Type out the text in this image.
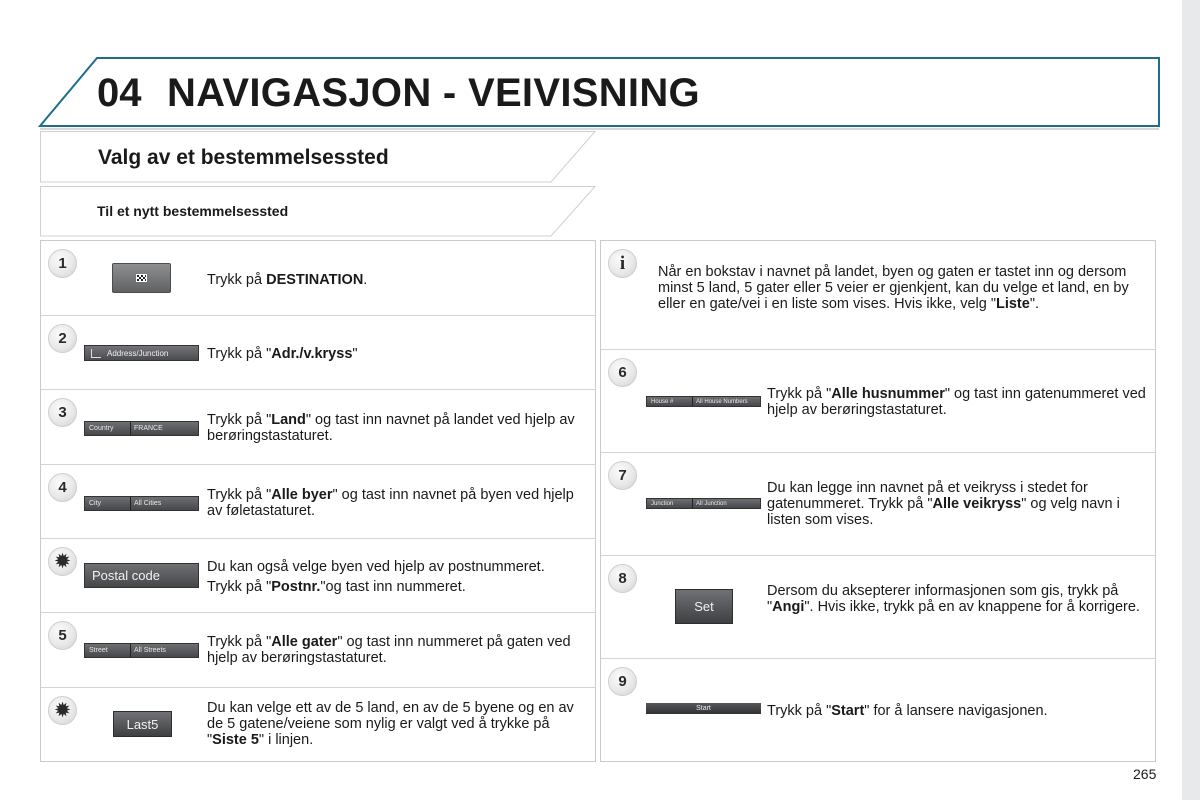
04 NAVIGASJON - VEIVISNING
Valg av et bestemmelsessted
Til et nytt bestemmelsessted
1
Trykk på DESTINATION.
2
Address/Junction	Trykk på "Adr./v.kryss"
3
Country	FRANCE
Trykk på "Land" og tast inn navnet på landet ved hjelp av berøringstastaturet.
4
City	All Cities
Trykk på "Alle byer" og tast inn navnet på byen ved hjelp av føletastaturet.
✹
Postal code
Du kan også velge byen ved hjelp av postnummeret.
Trykk på "Postnr."og tast inn nummeret.
5
Street	All Streets
Trykk på "Alle gater" og tast inn nummeret på gaten ved hjelp av berøringstastaturet.
✹
Last5
Du kan velge ett av de 5 land, en av de 5 byene og en av de 5 gatene/veiene som nylig er valgt ved å trykke på "Siste 5" i linjen.
i	Når en bokstav i navnet på landet, byen og gaten er tastet inn og dersom minst 5 land, 5 gater eller 5 veier er gjenkjent, kan du velge et land, en by eller en gate/vei i en liste som vises. Hvis ikke, velg "Liste".
6
House #	All House Numbers Trykk på "Alle husnummer" og tast inn gatenummeret ved hjelp av berøringstastaturet.
7
Junction	All Junction
Du kan legge inn navnet på et veikryss i stedet for gatenummeret. Trykk på "Alle veikryss" og velg navn i listen som vises.
8
Set
Dersom du aksepterer informasjonen som gis, trykk på "Angi". Hvis ikke, trykk på en av knappene for å korrigere.
9
Start	Trykk på "Start" for å lansere navigasjonen.
265
